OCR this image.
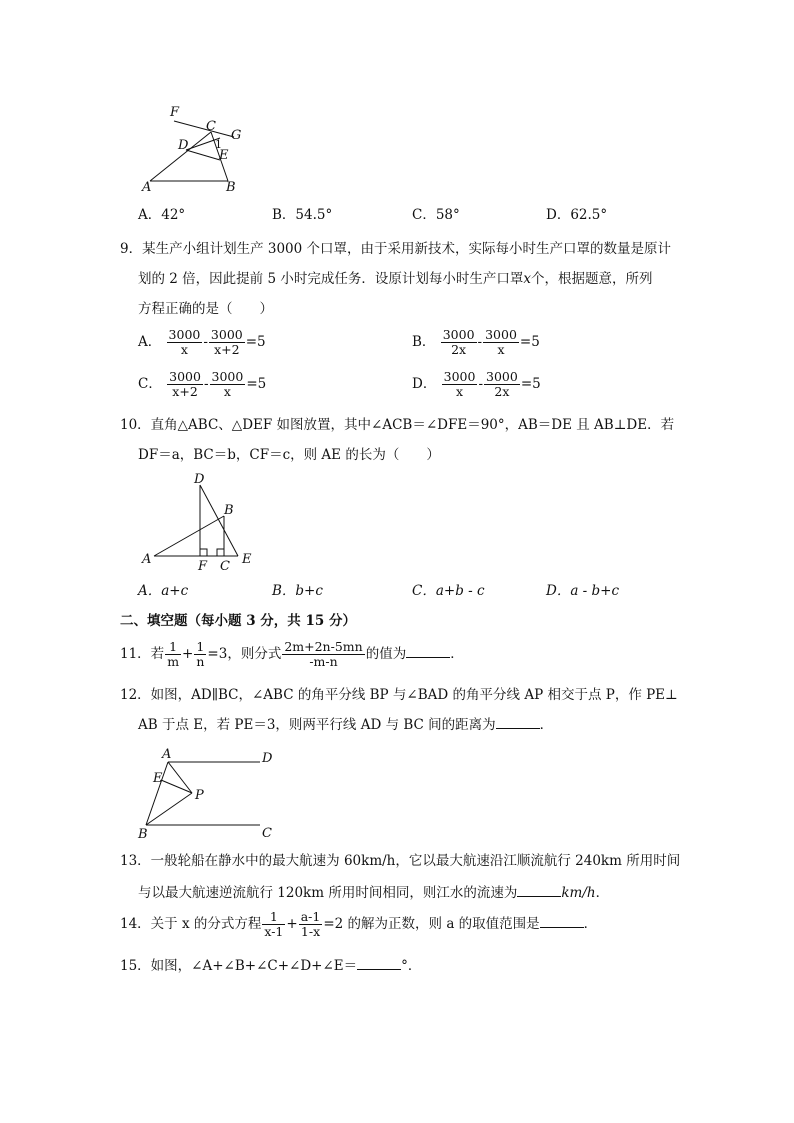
F
C
G
D 1
E
A	B
A．42°	B．54.5°	C．58°	D．62.5°
9．某生产小组计划生产 3000 个口罩，由于采用新技术，实际每小时生产口罩的数量是原计
划的 2 倍，因此提前 5 小时完成任务．设原计划每小时生产口罩x个，根据题意，所列
方程正确的是（　　）
A． $\frac{3000}{x} - \frac{3000}{x+2} =5$	B． $\frac{3000}{2x} - \frac{3000}{x} =5$
C． $\frac{3000}{x+2} - \frac{3000}{x} =5$	D． $\frac{3000}{x} - \frac{3000}{2x} =5$
10．直角△ABC、△DEF 如图放置，其中∠ACB＝∠DFE＝90°，AB＝DE 且 AB⊥DE．若
DF＝a，BC＝b，CF＝c，则 AE 的长为（　　）
D
B
A	E
F C
A．a+c	B．b+c	C．a+b - c	D．a - b+c
二、填空题（每小题 3 分，共 15 分）
11．若 $\frac{1}{m} + \frac{1}{n} =3$，则分式 $\frac{2m+2n-5mn}{-m-n}$ 的值为	．
12．如图，AD∥BC，∠ABC 的角平分线 BP 与∠BAD 的角平分线 AP 相交于点 P，作 PE⊥
AB 于点 E，若 PE＝3，则两平行线 AD 与 BC 间的距离为	．
A	D
E
P
B	C
13．一般轮船在静水中的最大航速为 60km/h，它以最大航速沿江顺流航行 240km 所用时间
与以最大航速逆流航行 120km 所用时间相同，则江水的流速为	km/h．
14．关于 x 的分式方程 $\frac{1}{x-1} + \frac{a-1}{1-x} =2$ 的解为正数，则 a 的取值范围是	．
15．如图，∠A+∠B+∠C+∠D+∠E＝	°．
